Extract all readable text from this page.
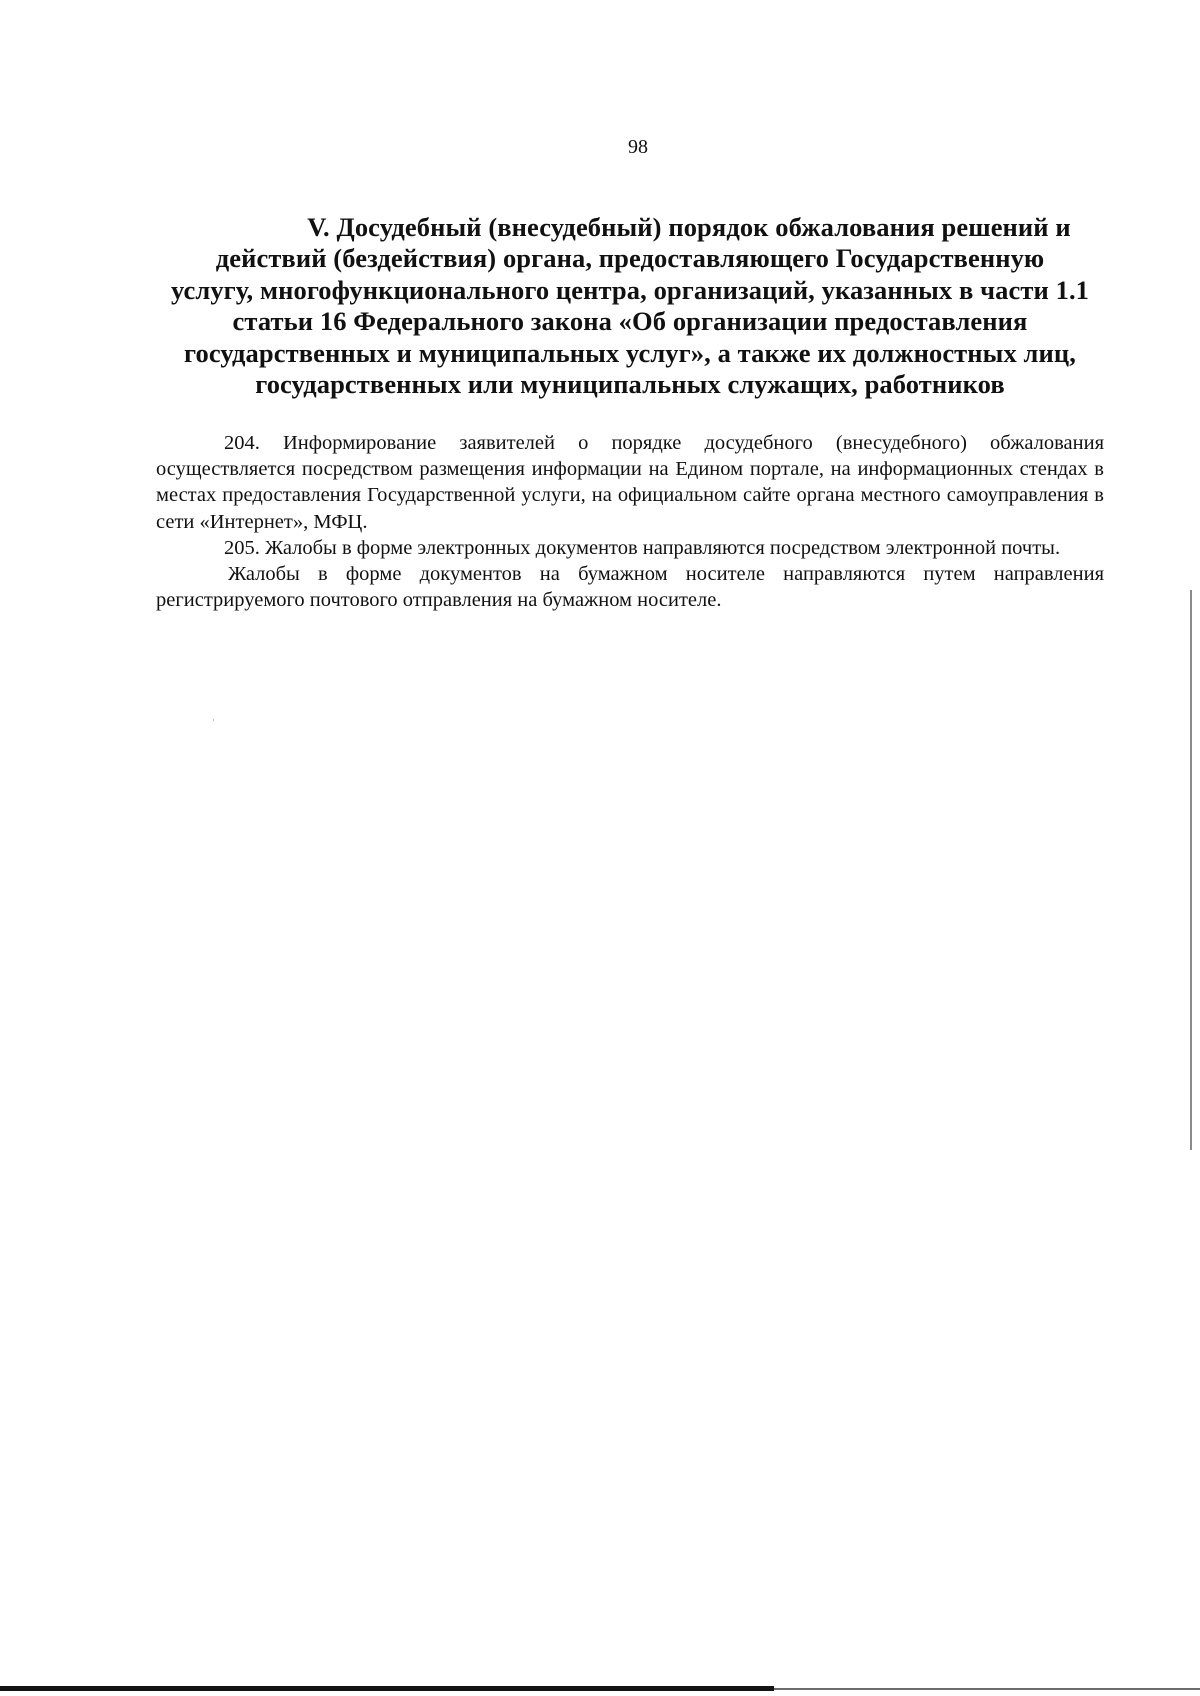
98
V. Досудебный (внесудебный) порядок обжалования решений и
действий (бездействия) органа, предоставляющего Государственную
услугу, многофункционального центра, организаций, указанных в части 1.1
статьи 16 Федерального закона «Об организации предоставления
государственных и муниципальных услуг», а также их должностных лиц,
государственных или муниципальных служащих, работников

204. Информирование заявителей о порядке досудебного (внесудебного) обжалования осуществляется посредством размещения информации на Едином портале, на информационных стендах в местах предоставления Государственной услуги, на официальном сайте органа местного самоуправления в сети «Интернет», МФЦ.

205. Жалобы в форме электронных документов направляются посредством электронной почты.

Жалобы в форме документов на бумажном носителе направляются путем направления регистрируемого почтового отправления на бумажном носителе.
